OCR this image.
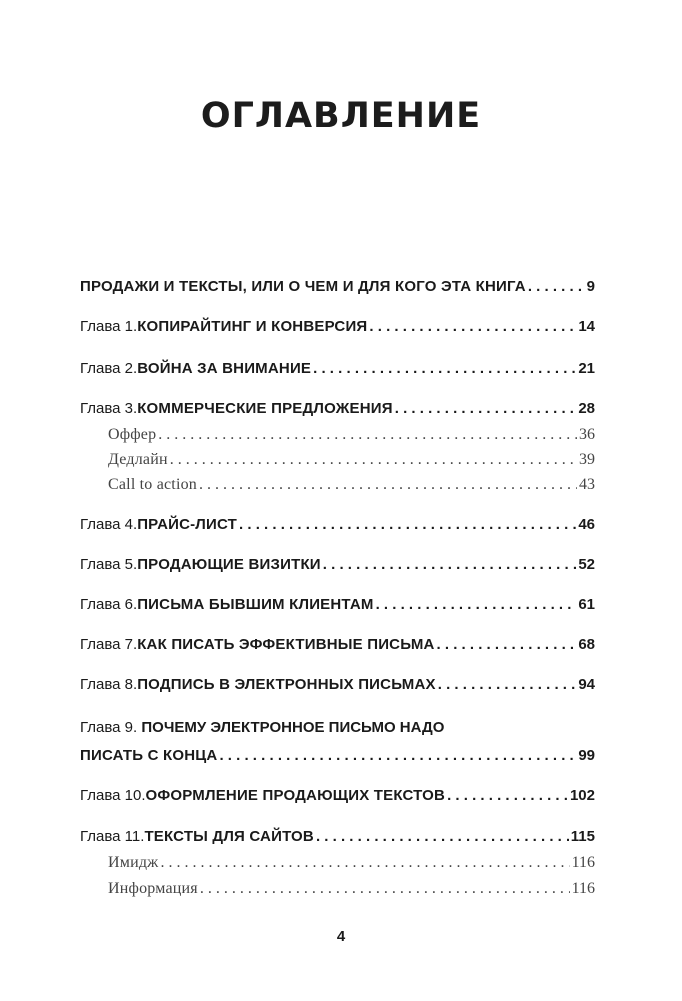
ОГЛАВЛЕНИЕ
ПРОДАЖИ И ТЕКСТЫ, ИЛИ О ЧЕМ И ДЛЯ КОГО ЭТА КНИГА . . .	9
Глава 1. КОПИРАЙТИНГ И КОНВЕРСИЯ . . .	14
Глава 2. ВОЙНА ЗА ВНИМАНИЕ . . .	21
Глава 3. КОММЕРЧЕСКИЕ ПРЕДЛОЖЕНИЯ . . .	28
Оффер . . .	36
Дедлайн . . .	39
Call to action . . .	43
Глава 4. ПРАЙС-ЛИСТ . . .	46
Глава 5. ПРОДАЮЩИЕ ВИЗИТКИ . . .	52
Глава 6. ПИСЬМА БЫВШИМ КЛИЕНТАМ . . .	61
Глава 7. КАК ПИСАТЬ ЭФФЕКТИВНЫЕ ПИСЬМА . . .	68
Глава 8. ПОДПИСЬ В ЭЛЕКТРОННЫХ ПИСЬМАХ . . .	94
Глава 9. ПОЧЕМУ ЭЛЕКТРОННОЕ ПИСЬМО НАДО
ПИСАТЬ С КОНЦА . . .	99
Глава 10. ОФОРМЛЕНИЕ ПРОДАЮЩИХ ТЕКСТОВ . . .	102
Глава 11. ТЕКСТЫ ДЛЯ САЙТОВ . . .	115
Имидж . . .	116
Информация . . .	116
4
